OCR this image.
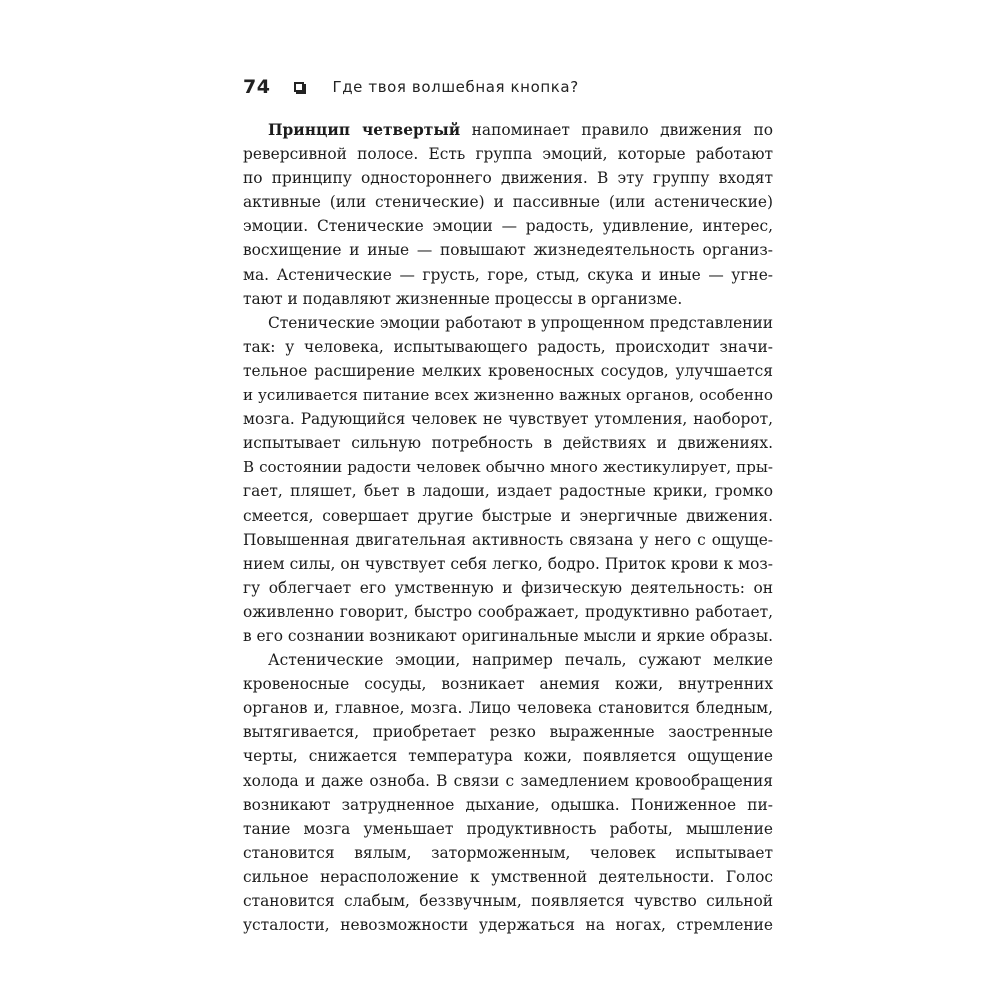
74	Где твоя волшебная кнопка?
Принцип четвертый напоминает правило движения по
реверсивной полосе. Есть группа эмоций, которые работают
по принципу одностороннего движения. В эту группу входят
активные (или стенические) и пассивные (или астенические)
эмоции. Стенические эмоции — радость, удивление, интерес,
восхищение и иные — повышают жизнедеятельность организ-
ма. Астенические — грусть, горе, стыд, скука и иные — угне-
тают и подавляют жизненные процессы в организме.
Стенические эмоции работают в упрощенном представлении
так: у человека, испытывающего радость, происходит значи-
тельное расширение мелких кровеносных сосудов, улучшается
и усиливается питание всех жизненно важных органов, особенно
мозга. Радующийся человек не чувствует утомления, наоборот,
испытывает сильную потребность в действиях и движениях.
В состоянии радости человек обычно много жестикулирует, пры-
гает, пляшет, бьет в ладоши, издает радостные крики, громко
смеется, совершает другие быстрые и энергичные движения.
Повышенная двигательная активность связана у него с ощуще-
нием силы, он чувствует себя легко, бодро. Приток крови к моз-
гу облегчает его умственную и физическую деятельность: он
оживленно говорит, быстро соображает, продуктивно работает,
в его сознании возникают оригинальные мысли и яркие образы.
Астенические эмоции, например печаль, сужают мелкие
кровеносные сосуды, возникает анемия кожи, внутренних
органов и, главное, мозга. Лицо человека становится бледным,
вытягивается, приобретает резко выраженные заостренные
черты, снижается температура кожи, появляется ощущение
холода и даже озноба. В связи с замедлением кровообращения
возникают затрудненное дыхание, одышка. Пониженное пи-
тание мозга уменьшает продуктивность работы, мышление
становится вялым, заторможенным, человек испытывает
сильное нерасположение к умственной деятельности. Голос
становится слабым, беззвучным, появляется чувство сильной
усталости, невозможности удержаться на ногах, стремление
